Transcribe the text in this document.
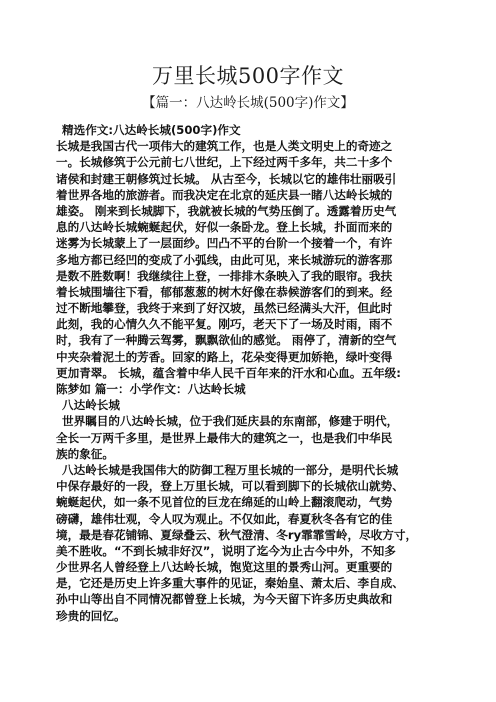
万里长城500字作文
【篇一：八达岭长城(500字)作文】
精选作文:八达岭长城(500字)作文
长城是我国古代一项伟大的建筑工作，也是人类文明史上的奇迹之
一。长城修筑于公元前七八世纪，上下经过两千多年，共二十多个
诸侯和封建王朝修筑过长城。 从古至今，长城以它的雄伟壮丽吸引
着世界各地的旅游者。而我决定在北京的延庆县一睹八达岭长城的
雄姿。 刚来到长城脚下，我就被长城的气势压倒了。透露着历史气
息的八达岭长城蜿蜒起伏，好似一条卧龙。登上长城，扑面而来的
迷雾为长城蒙上了一层面纱。凹凸不平的台阶一个接着一个，有许
多地方都已经凹的变成了小弧线，由此可见，来长城游玩的游客那
是数不胜数啊！我继续往上登，一排排木条映入了我的眼帘。我扶
着长城围墙往下看，郁郁葱葱的树木好像在恭候游客们的到来。经
过不断地攀登，我终于来到了好汉坡，虽然已经满头大汗，但此时
此刻，我的心情久久不能平复。刚巧，老天下了一场及时雨，雨不
时，我有了一种腾云驾雾，飘飘欲仙的感觉。 雨停了，清新的空气
中夹杂着泥土的芳香。回家的路上，花朵变得更加娇艳，绿叶变得
更加青翠。 长城，蕴含着中华人民千百年来的汗水和心血。五年级:
陈梦如 篇一：小学作文：八达岭长城
八达岭长城
世界瞩目的八达岭长城，位于我们延庆县的东南部，修建于明代，
全长一万两千多里，是世界上最伟大的建筑之一，也是我们中华民
族的象征。
八达岭长城是我国伟大的防御工程万里长城的一部分，是明代长城
中保存最好的一段，登上万里长城，可以看到脚下的长城依山就势、
蜿蜒起伏，如一条不见首位的巨龙在绵延的山岭上翻滚爬动，气势
磅礴，雄伟壮观，令人叹为观止。不仅如此，春夏秋冬各有它的佳
境，最是春花铺锦、夏绿叠云、秋气澄清、冬ry霏霏雪岭，尽收方寸，
美不胜收。“不到长城非好汉”，说明了迄今为止古今中外，不知多
少世界名人曾经登上八达岭长城，饱览这里的景秀山河。更重要的
是，它还是历史上许多重大事件的见证，秦始皇、萧太后、李自成、
孙中山等出自不同情况都曾登上长城，为今天留下许多历史典故和
珍贵的回忆。
